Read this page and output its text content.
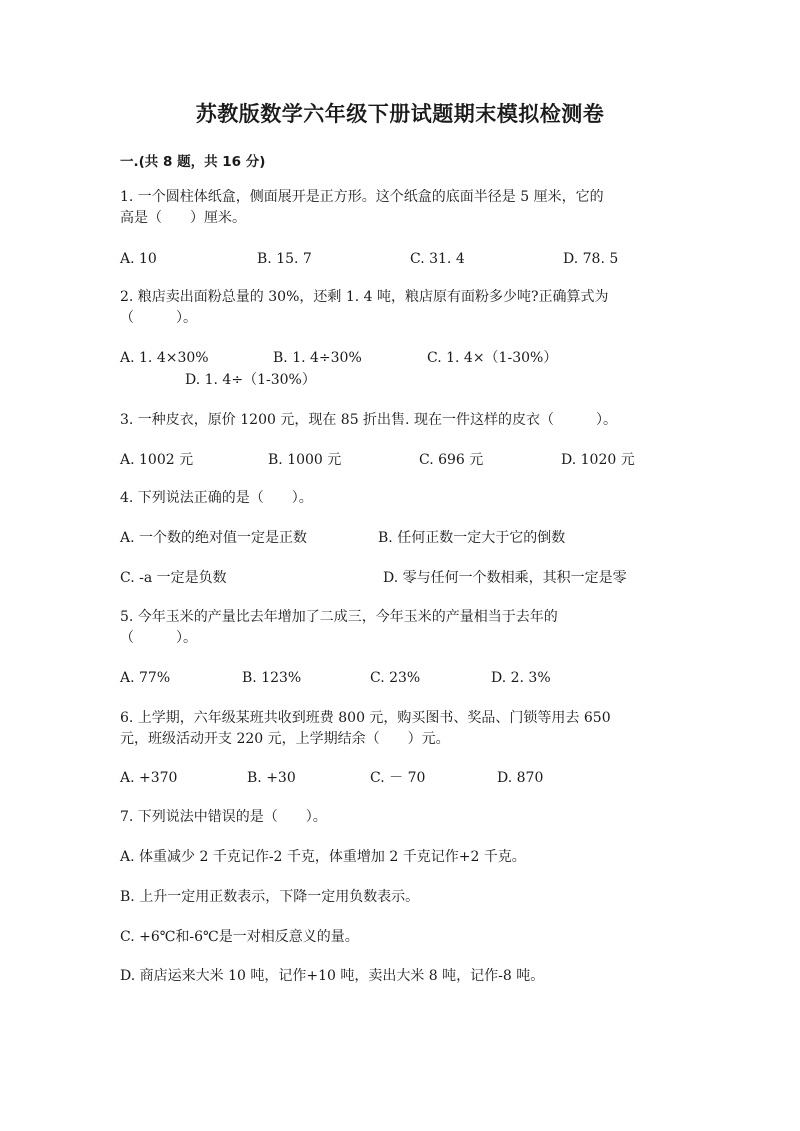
苏教版数学六年级下册试题期末模拟检测卷
一.(共 8 题，共 16 分)
1. 一个圆柱体纸盒，侧面展开是正方形。这个纸盒的底面半径是 5 厘米，它的
高是（　　）厘米。
A. 10	B. 15. 7	C. 31. 4	D. 78. 5
2. 粮店卖出面粉总量的 30%，还剩 1. 4 吨，粮店原有面粉多少吨?正确算式为
（　　　）。
A. 1. 4×30%	B. 1. 4÷30%	C. 1. 4×（1-30%）
D. 1. 4÷（1-30%）
3. 一种皮衣，原价 1200 元，现在 85 折出售. 现在一件这样的皮衣（　　　）。
A. 1002 元	B. 1000 元	C. 696 元	D. 1020 元
4. 下列说法正确的是（　　）。
A. 一个数的绝对值一定是正数	B. 任何正数一定大于它的倒数
C. -a 一定是负数	D. 零与任何一个数相乘，其积一定是零
5. 今年玉米的产量比去年增加了二成三，今年玉米的产量相当于去年的
（　　　）。
A. 77%	B. 123%	C. 23%	D. 2. 3%
6. 上学期，六年级某班共收到班费 800 元，购买图书、奖品、门锁等用去 650
元，班级活动开支 220 元，上学期结余（　　）元。
A. +370	B. +30	C. － 70	D. 870
7. 下列说法中错误的是（　　）。
A. 体重减少 2 千克记作-2 千克，体重增加 2 千克记作+2 千克。
B. 上升一定用正数表示，下降一定用负数表示。
C. +6℃和-6℃是一对相反意义的量。
D. 商店运来大米 10 吨，记作+10 吨，卖出大米 8 吨，记作-8 吨。
